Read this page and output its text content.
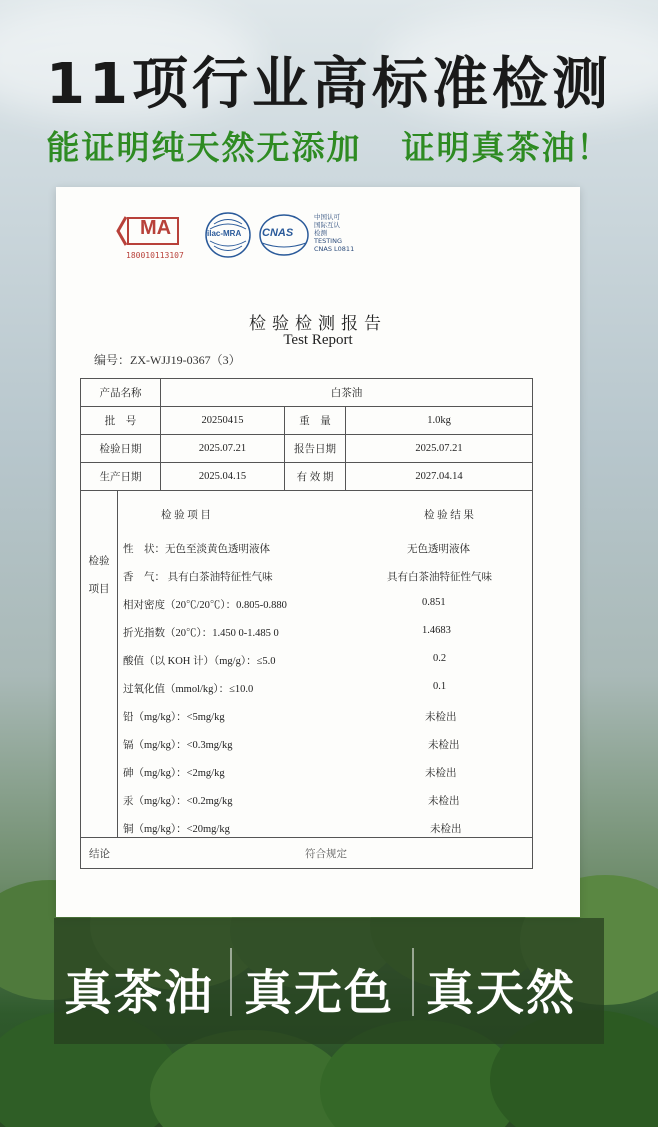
11项行业高标准检测
能证明纯天然无添加 证明真茶油！
MA
180010113107
ilac-MRA CNAS
中国认可
国际互认
检测
TESTING
CNAS L0811
检验检测报告
Test Report
编号：ZX-WJJ19-0367（3）
产品名称	白茶油		
批　号	20250415	重　量	1.0kg
检验日期	2025.07.21	报告日期	2025.07.21
生产日期	2025.04.15	有 效 期	2027.04.14
检验
项目
检 验 项 目	检 验 结 果
性　状：无色至淡黄色透明液体	无色透明液体
香　气： 具有白茶油特征性气味	具有白茶油特征性气味
相对密度（20℃/20℃）：0.805-0.880	0.851
折光指数（20℃）：1.450 0-1.485 0	1.4683
酸值（以 KOH 计）（mg/g）：≤5.0	0.2
过氧化值（mmol/kg）：≤10.0	0.1
铅（mg/kg）：<5mg/kg	未检出
镉（mg/kg）：<0.3mg/kg	未检出
砷（mg/kg）：<2mg/kg	未检出
汞（mg/kg）：<0.2mg/kg	未检出
铜（mg/kg）：<20mg/kg	未检出
结论	符合规定
真茶油 真无色 真天然
